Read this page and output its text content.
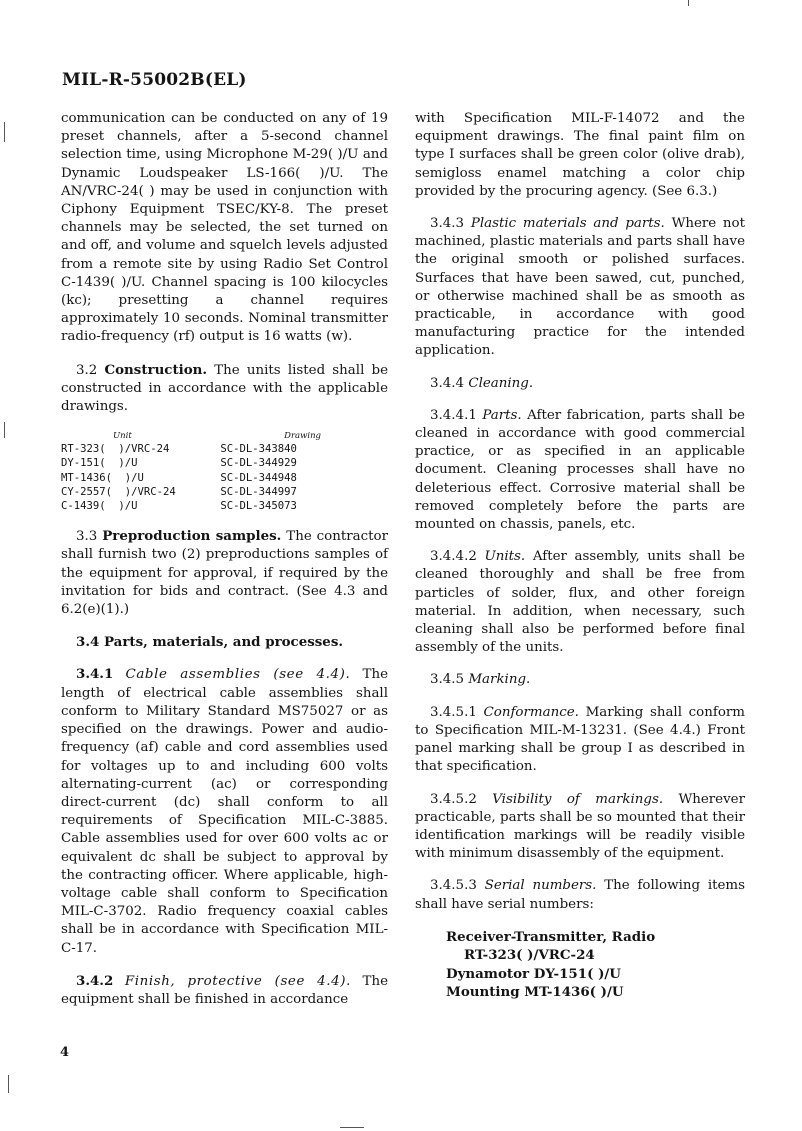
MIL-R-55002B(EL)

communication can be conducted on any of 19 preset channels, after a 5-second channel selection time, using Microphone M-29( )/U and Dynamic Loudspeaker LS-166( )/U. The AN/VRC-24( ) may be used in conjunction with Ciphony Equipment TSEC/KY-8. The preset channels may be selected, the set turned on and off, and volume and squelch levels adjusted from a remote site by using Radio Set Control C-1439( )/U. Channel spacing is 100 kilocycles (kc); presetting a channel requires approximately 10 seconds. Nominal transmitter radio-frequency (rf) output is 16 watts (w).

3.2 Construction. The units listed shall be constructed in accordance with the applicable drawings.

Unit	Drawing
RT-323(  )/VRC-24	SC-DL-343840
DY-151(  )/U	SC-DL-344929
MT-1436(  )/U	SC-DL-344948
CY-2557(  )/VRC-24	SC-DL-344997
C-1439(  )/U	SC-DL-345073

3.3 Preproduction samples. The contractor shall furnish two (2) preproductions samples of the equipment for approval, if required by the invitation for bids and contract. (See 4.3 and 6.2(e)(1).)

3.4 Parts, materials, and processes.

3.4.1 Cable assemblies (see 4.4). The length of electrical cable assemblies shall conform to Military Standard MS75027 or as specified on the drawings. Power and audio-frequency (af) cable and cord assemblies used for voltages up to and including 600 volts alternating-current (ac) or corresponding direct-current (dc) shall conform to all requirements of Specification MIL-C-3885. Cable assemblies used for over 600 volts ac or equivalent dc shall be subject to approval by the contracting officer. Where applicable, high-voltage cable shall conform to Specification MIL-C-3702. Radio frequency coaxial cables shall be in accordance with Specification MIL-C-17.

3.4.2 Finish, protective (see 4.4). The equipment shall be finished in accordance

with Specification MIL-F-14072 and the equipment drawings. The final paint film on type I surfaces shall be green color (olive drab), semigloss enamel matching a color chip provided by the procuring agency. (See 6.3.)

3.4.3 Plastic materials and parts. Where not machined, plastic materials and parts shall have the original smooth or polished surfaces. Surfaces that have been sawed, cut, punched, or otherwise machined shall be as smooth as practicable, in accordance with good manufacturing practice for the intended application.

3.4.4 Cleaning.

3.4.4.1 Parts. After fabrication, parts shall be cleaned in accordance with good commercial practice, or as specified in an applicable document. Cleaning processes shall have no deleterious effect. Corrosive material shall be removed completely before the parts are mounted on chassis, panels, etc.

3.4.4.2 Units. After assembly, units shall be cleaned thoroughly and shall be free from particles of solder, flux, and other foreign material. In addition, when necessary, such cleaning shall also be performed before final assembly of the units.

3.4.5 Marking.

3.4.5.1 Conformance. Marking shall conform to Specification MIL-M-13231. (See 4.4.) Front panel marking shall be group I as described in that specification.

3.4.5.2 Visibility of markings. Wherever practicable, parts shall be so mounted that their identification markings will be readily visible with minimum disassembly of the equipment.

3.4.5.3 Serial numbers. The following items shall have serial numbers:

Receiver-Transmitter, Radio
RT-323( )/VRC-24
Dynamotor DY-151( )/U
Mounting MT-1436( )/U
4
